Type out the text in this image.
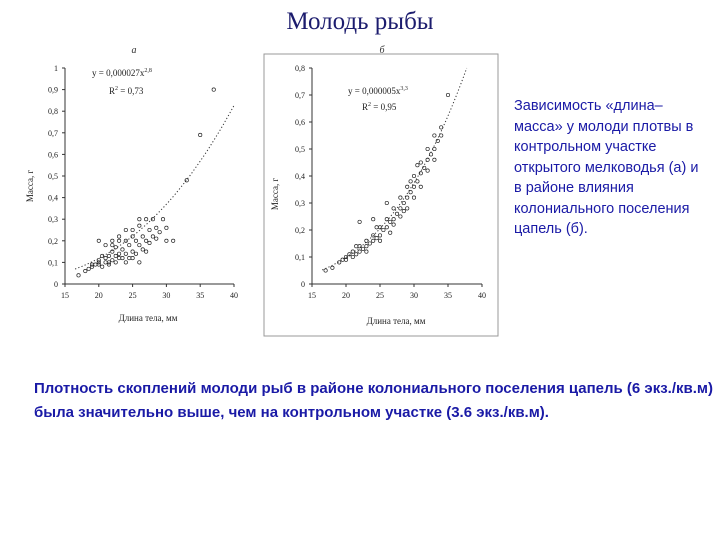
Молодь рыбы
а
$y = 0,000027x^{2,8}$
$R^2 = 0,73$
0
0,1
0,2
0,3
0,4
0,5
0,6
0,7
0,8
0,9
1
15	20	25	30	35	40
Длина тела, мм
Масса, г
б
$y = 0,000005x^{3,3}$
$R^2 = 0,95$
0
0,1
0,2
0,3
0,4
0,5
0,6
0,7
0,8
15	20	25	30	35	40
Длина тела, мм
Масса, г
Зависимость «длина–масса» у молоди плотвы в контрольном участке открытого мелководья (а) и в районе влияния колониального поселения цапель (б).
Плотность скоплений молоди рыб в районе колониального поселения цапель (6 экз./кв.м) была значительно выше, чем на контрольном участке (3.6 экз./кв.м).
